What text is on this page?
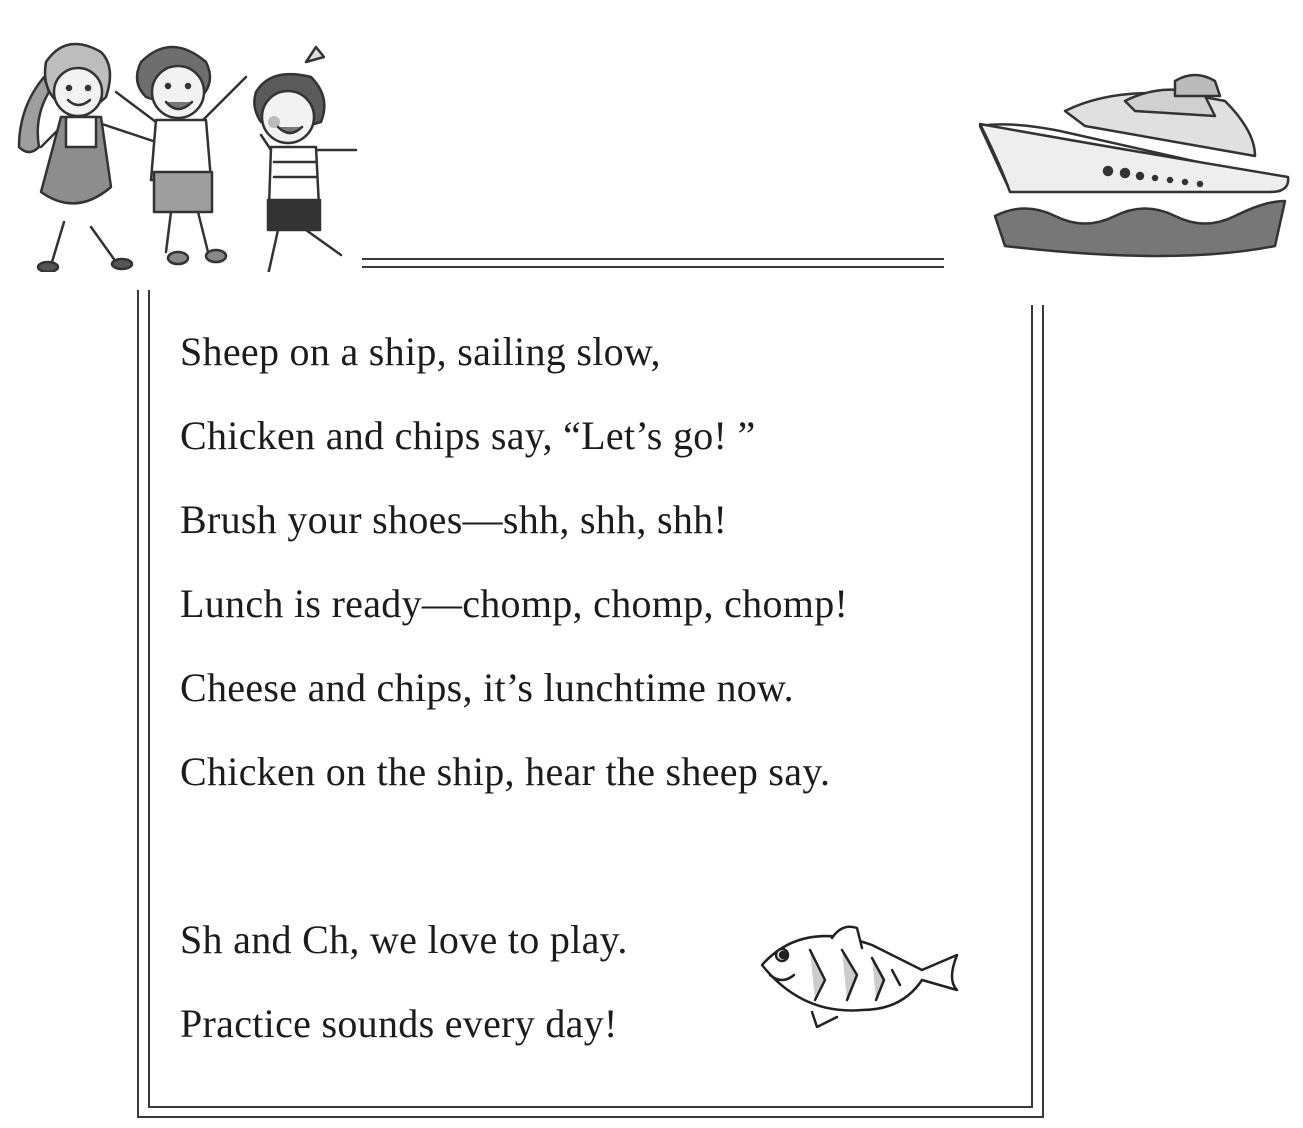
Sheep on a ship, sailing slow,
Chicken and chips say, “Let’s go! ”
Brush your shoes—shh, shh, shh!
Lunch is ready—chomp, chomp, chomp!
Cheese and chips, it’s lunchtime now.
Chicken on the ship, hear the sheep say.
Sh and Ch, we love to play.
Practice sounds every day!
